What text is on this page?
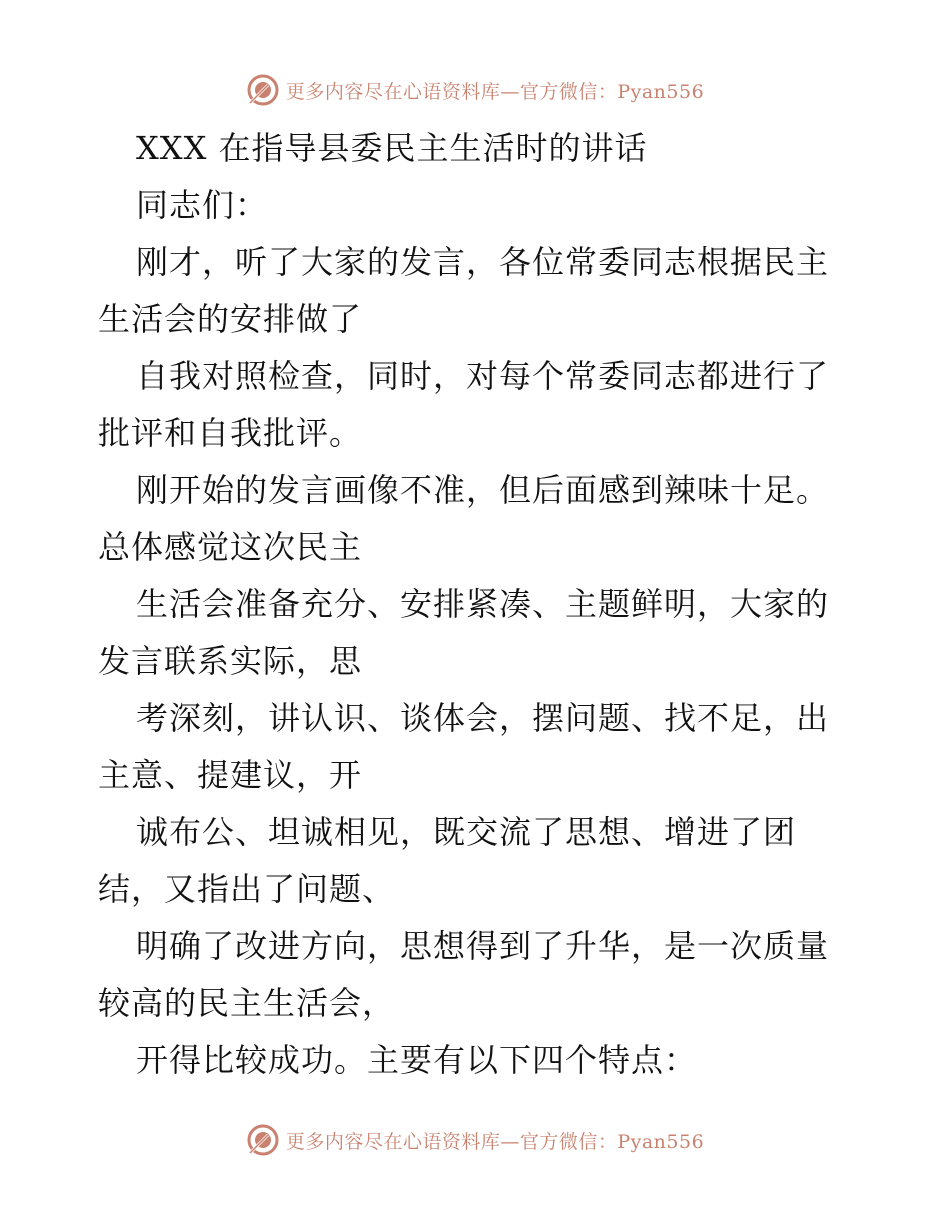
更多内容尽在心语资料库—官方微信：Pyan556
XXX 在指导县委民主生活时的讲话
同志们：
刚才，听了大家的发言，各位常委同志根据民主
生活会的安排做了
自我对照检查，同时，对每个常委同志都进行了
批评和自我批评。
刚开始的发言画像不准，但后面感到辣味十足。
总体感觉这次民主
生活会准备充分、安排紧凑、主题鲜明，大家的
发言联系实际，思
考深刻，讲认识、谈体会，摆问题、找不足，出
主意、提建议，开
诚布公、坦诚相见，既交流了思想、增进了团
结，又指出了问题、
明确了改进方向，思想得到了升华，是一次质量
较高的民主生活会，
开得比较成功。主要有以下四个特点：
更多内容尽在心语资料库—官方微信：Pyan556
